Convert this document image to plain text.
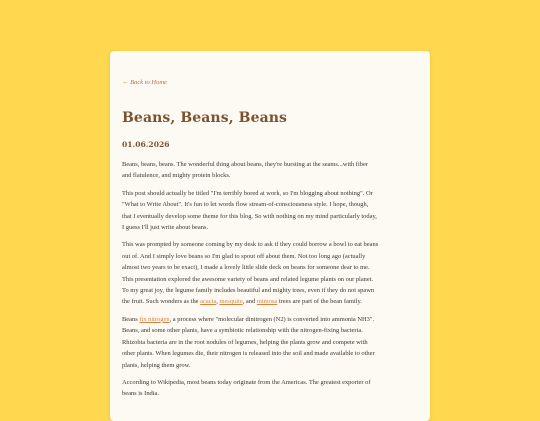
← Back to Home
Beans, Beans, Beans
01.06.2026

Beans, beans, beans. The wonderful thing about beans, they're bursting at the seams...with fiber
and flatulence, and mighty protein blocks.

This post should actually be titled "I'm terribly bored at work, so I'm blogging about nothing". Or
"What to Write About". It's fun to let words flow stream-of-consciousness style. I hope, though,
that I eventually develop some theme for this blog. So with nothing on my mind particularly today,
I guess I'll just write about beans.

This was prompted by someone coming by my desk to ask if they could borrow a bowl to eat beans
out of. And I simply love beans so I'm glad to spout off about them. Not too long ago (actually
almost two years to be exact), I made a lovely little slide deck on beans for someone dear to me.
This presentation explored the awesome variety of beans and related legume plants on our planet.
To my great joy, the legume family includes beautiful and mighty trees, even if they do not spawn
the fruit. Such wonders as the acacia, mesquite, and mimosa trees are part of the bean family.

Beans fix nitrogen, a process where "molecular dinitrogen (N2) is converted into ammonia NH3".
Beans, and some other plants, have a symbiotic relationship with the nitrogen-fixing bacteria.
Rhizobia bacteria are in the root nodules of legumes, helping the plants grow and compete with
other plants. When legumes die, their nitrogen is released into the soil and made available to other
plants, helping them grow.

According to Wikipedia, most beans today originate from the Americas. The greatest exporter of
beans is India.
